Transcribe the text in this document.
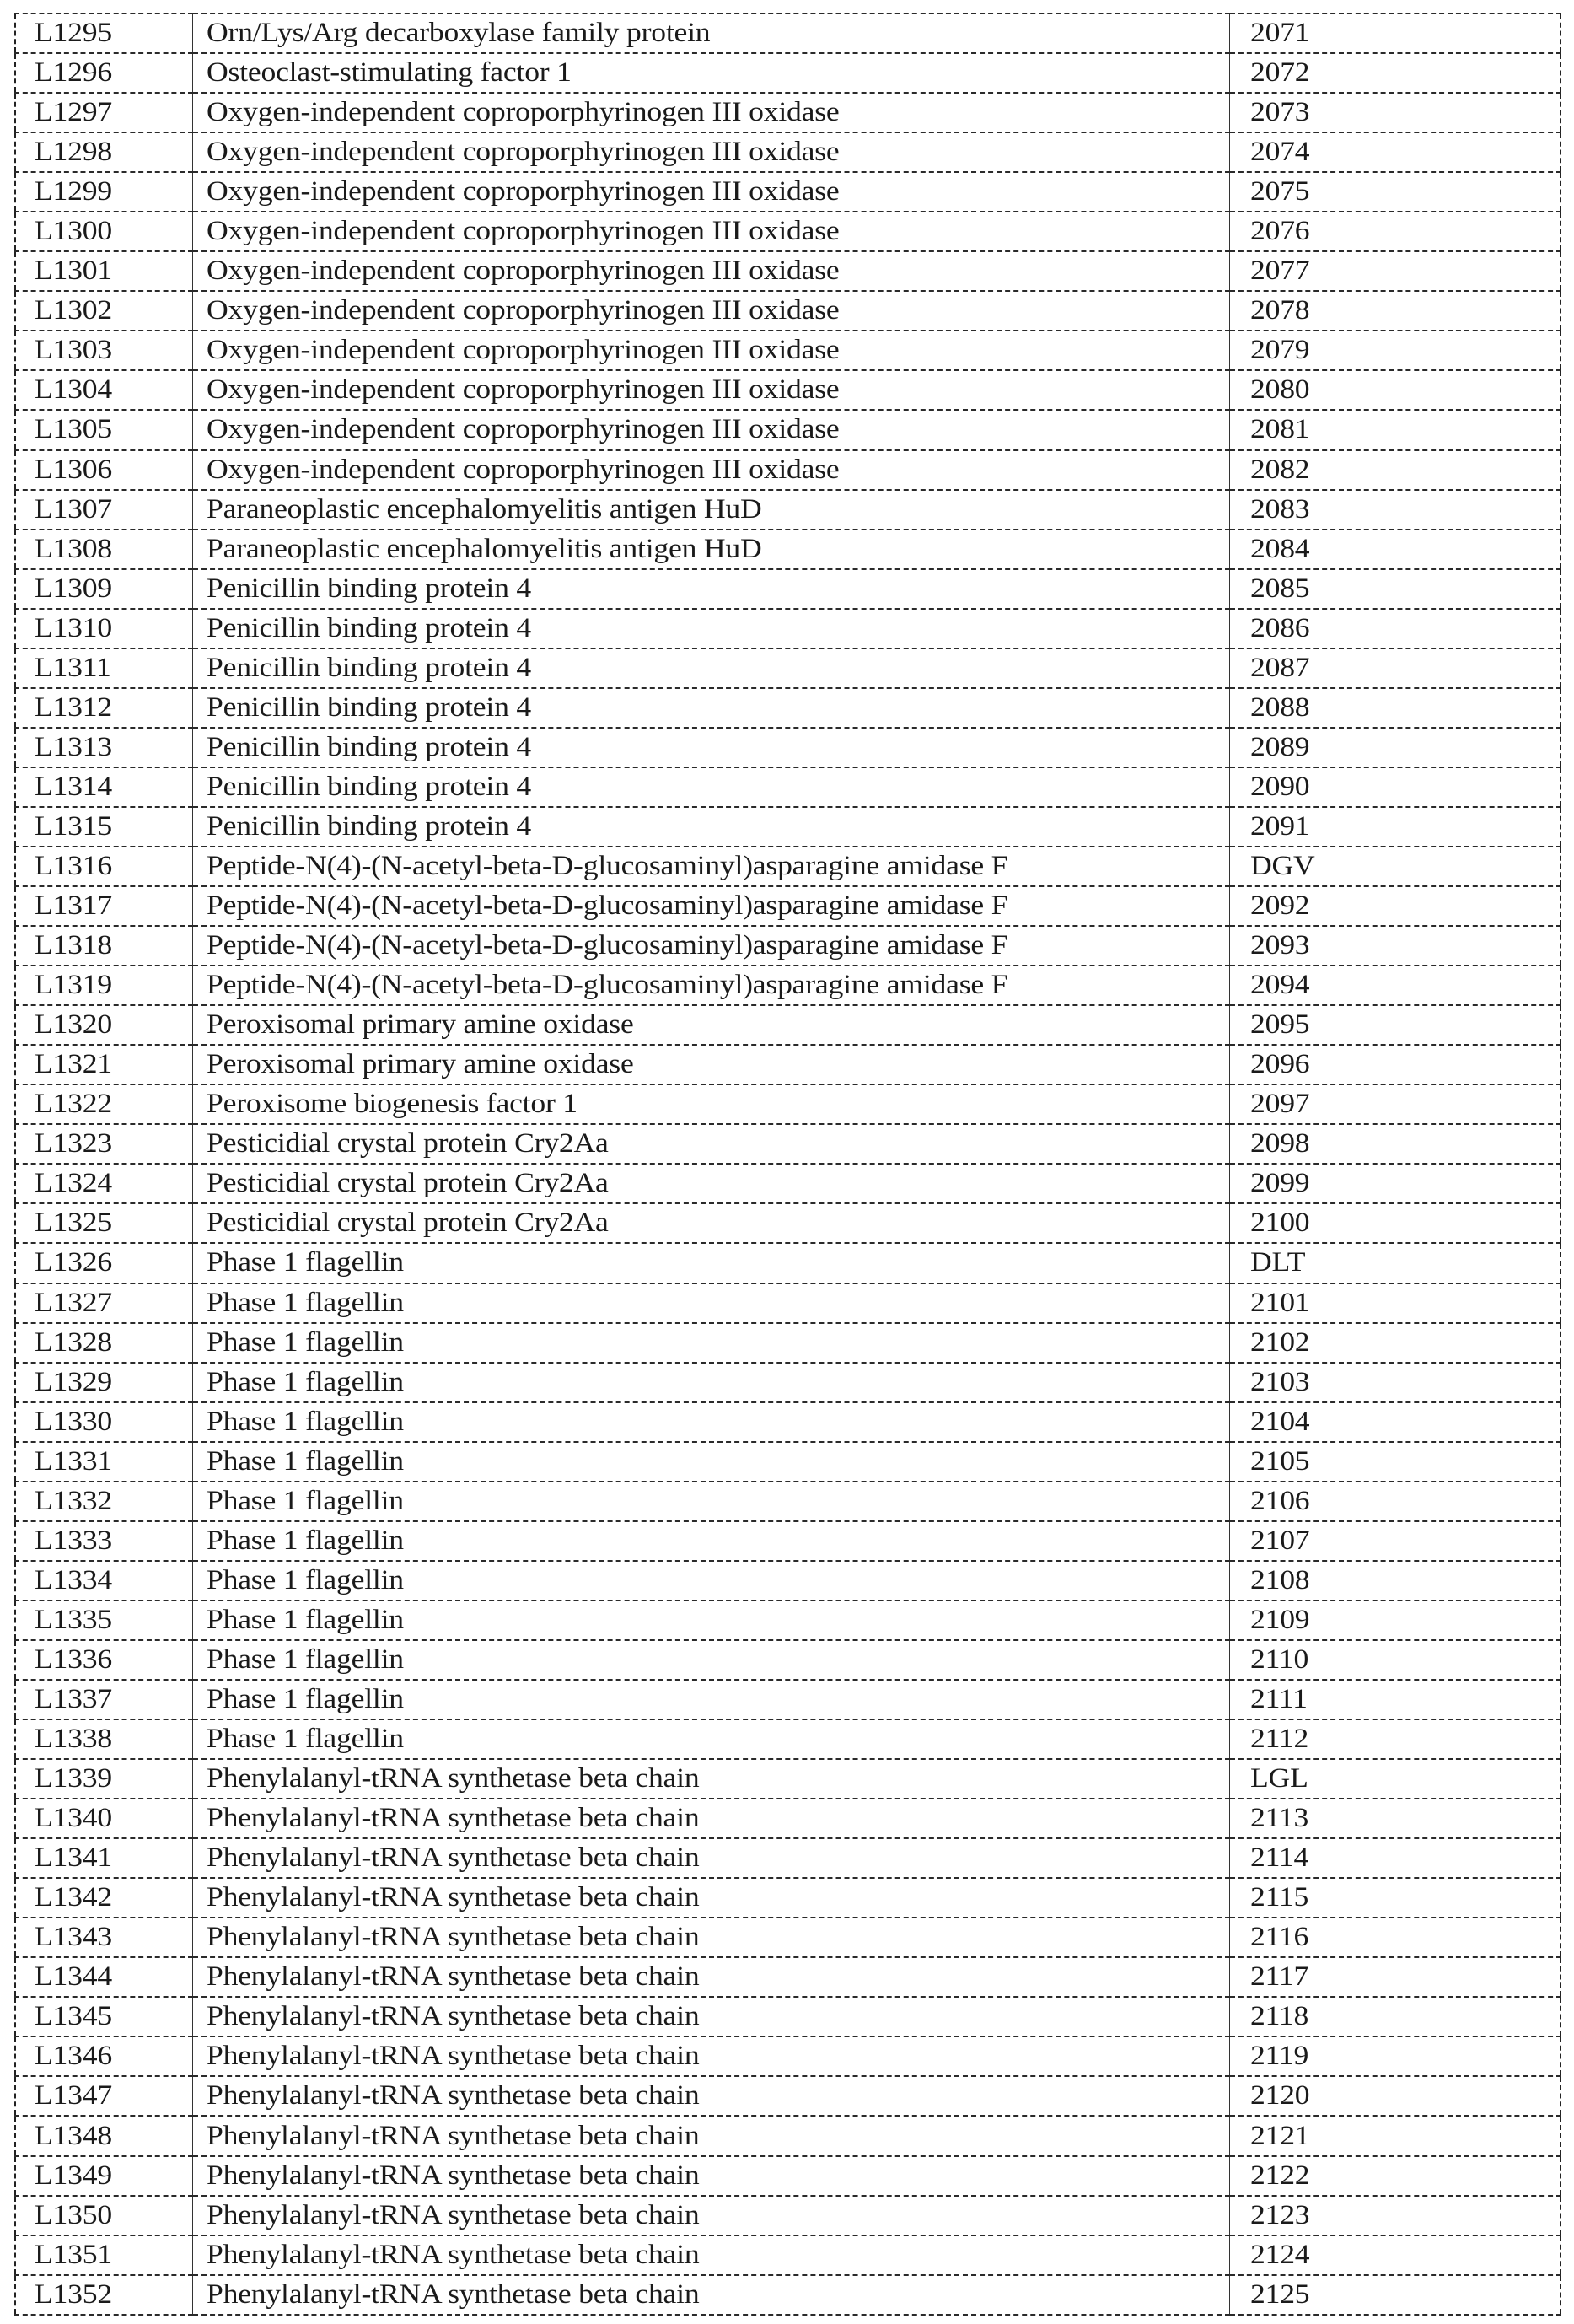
L1295	Orn/Lys/Arg decarboxylase family protein	2071
L1296	Osteoclast-stimulating factor 1	2072
L1297	Oxygen-independent coproporphyrinogen III oxidase	2073
L1298	Oxygen-independent coproporphyrinogen III oxidase	2074
L1299	Oxygen-independent coproporphyrinogen III oxidase	2075
L1300	Oxygen-independent coproporphyrinogen III oxidase	2076
L1301	Oxygen-independent coproporphyrinogen III oxidase	2077
L1302	Oxygen-independent coproporphyrinogen III oxidase	2078
L1303	Oxygen-independent coproporphyrinogen III oxidase	2079
L1304	Oxygen-independent coproporphyrinogen III oxidase	2080
L1305	Oxygen-independent coproporphyrinogen III oxidase	2081
L1306	Oxygen-independent coproporphyrinogen III oxidase	2082
L1307	Paraneoplastic encephalomyelitis antigen HuD	2083
L1308	Paraneoplastic encephalomyelitis antigen HuD	2084
L1309	Penicillin binding protein 4	2085
L1310	Penicillin binding protein 4	2086
L1311	Penicillin binding protein 4	2087
L1312	Penicillin binding protein 4	2088
L1313	Penicillin binding protein 4	2089
L1314	Penicillin binding protein 4	2090
L1315	Penicillin binding protein 4	2091
L1316	Peptide-N(4)-(N-acetyl-beta-D-glucosaminyl)asparagine amidase F	DGV
L1317	Peptide-N(4)-(N-acetyl-beta-D-glucosaminyl)asparagine amidase F	2092
L1318	Peptide-N(4)-(N-acetyl-beta-D-glucosaminyl)asparagine amidase F	2093
L1319	Peptide-N(4)-(N-acetyl-beta-D-glucosaminyl)asparagine amidase F	2094
L1320	Peroxisomal primary amine oxidase	2095
L1321	Peroxisomal primary amine oxidase	2096
L1322	Peroxisome biogenesis factor 1	2097
L1323	Pesticidial crystal protein Cry2Aa	2098
L1324	Pesticidial crystal protein Cry2Aa	2099
L1325	Pesticidial crystal protein Cry2Aa	2100
L1326	Phase 1 flagellin	DLT
L1327	Phase 1 flagellin	2101
L1328	Phase 1 flagellin	2102
L1329	Phase 1 flagellin	2103
L1330	Phase 1 flagellin	2104
L1331	Phase 1 flagellin	2105
L1332	Phase 1 flagellin	2106
L1333	Phase 1 flagellin	2107
L1334	Phase 1 flagellin	2108
L1335	Phase 1 flagellin	2109
L1336	Phase 1 flagellin	2110
L1337	Phase 1 flagellin	2111
L1338	Phase 1 flagellin	2112
L1339	Phenylalanyl-tRNA synthetase beta chain	LGL
L1340	Phenylalanyl-tRNA synthetase beta chain	2113
L1341	Phenylalanyl-tRNA synthetase beta chain	2114
L1342	Phenylalanyl-tRNA synthetase beta chain	2115
L1343	Phenylalanyl-tRNA synthetase beta chain	2116
L1344	Phenylalanyl-tRNA synthetase beta chain	2117
L1345	Phenylalanyl-tRNA synthetase beta chain	2118
L1346	Phenylalanyl-tRNA synthetase beta chain	2119
L1347	Phenylalanyl-tRNA synthetase beta chain	2120
L1348	Phenylalanyl-tRNA synthetase beta chain	2121
L1349	Phenylalanyl-tRNA synthetase beta chain	2122
L1350	Phenylalanyl-tRNA synthetase beta chain	2123
L1351	Phenylalanyl-tRNA synthetase beta chain	2124
L1352	Phenylalanyl-tRNA synthetase beta chain	2125
